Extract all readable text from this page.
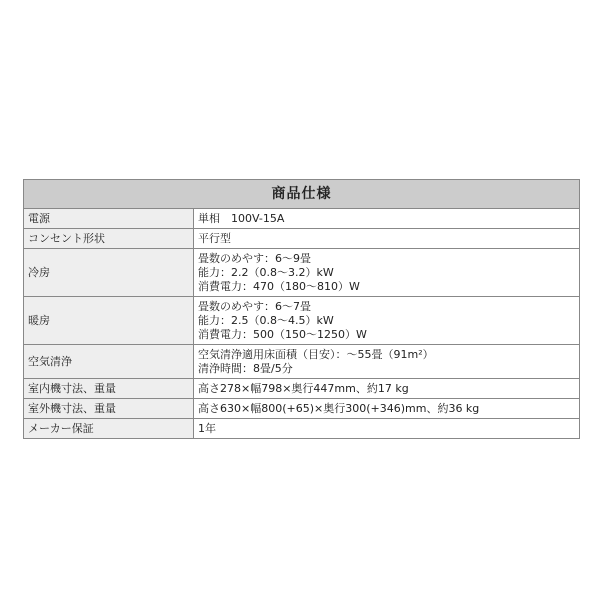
商品仕様	
電源	単相　100V-15A

コンセント形状	平行型

冷房	畳数のめやす：6～9畳
能力：2.2（0.8～3.2）kW
消費電力：470（180～810）W

暖房	畳数のめやす：6～7畳
能力：2.5（0.8～4.5）kW
消費電力：500（150～1250）W

空気清浄	空気清浄適用床面積（目安）：～55畳（91m²）
清浄時間：8畳/5分

室内機寸法、重量	高さ278×幅798×奥行447mm、約17 kg

室外機寸法、重量	高さ630×幅800(+65)×奥行300(+346)mm、約36 kg

メーカー保証	1年
